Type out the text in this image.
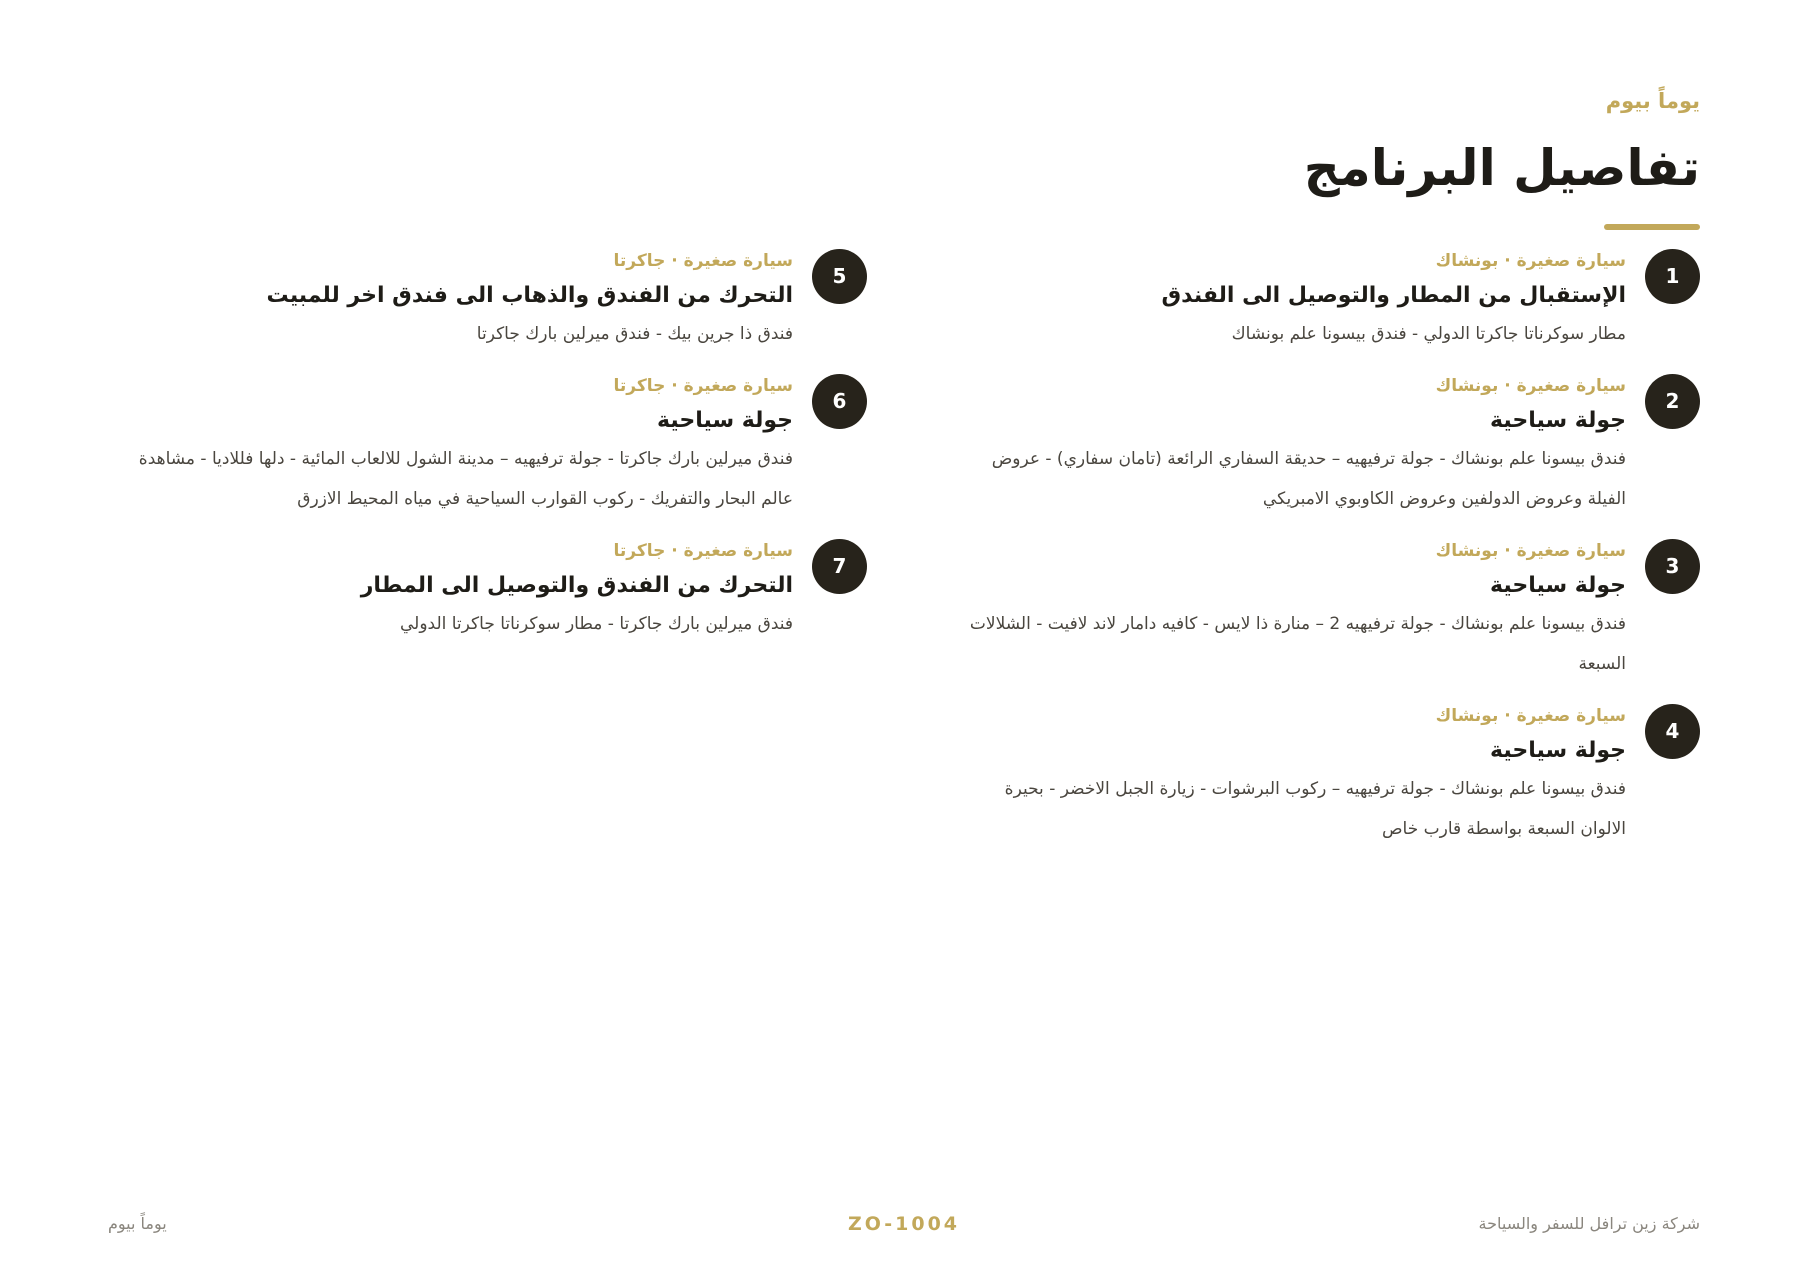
يوماً بيوم
تفاصيل البرنامج
1
سيارة صغيرة · بونشاك
الإستقبال من المطار والتوصيل الى الفندق
مطار سوكرناتا جاكرتا الدولي - فندق بيسونا علم بونشاك
2
سيارة صغيرة · بونشاك
جولة سياحية
فندق بيسونا علم بونشاك - جولة ترفيهيه – حديقة السفاري الرائعة (تامان سفاري) - عروض الفيلة وعروض الدولفين وعروض الكاوبوي الامبريكي
3
سيارة صغيرة · بونشاك
جولة سياحية
فندق بيسونا علم بونشاك - جولة ترفيهيه 2 – منارة ذا لايس - كافيه دامار لاند لافيت - الشلالات السبعة
4
سيارة صغيرة · بونشاك
جولة سياحية
فندق بيسونا علم بونشاك - جولة ترفيهيه – ركوب البرشوات - زيارة الجبل الاخضر - بحيرة الالوان السبعة بواسطة قارب خاص
5
سيارة صغيرة · جاكرتا
التحرك من الفندق والذهاب الى فندق اخر للمبيت
فندق ذا جرين بيك - فندق ميرلين بارك جاكرتا
6
سيارة صغيرة · جاكرتا
جولة سياحية
فندق ميرلين بارك جاكرتا - جولة ترفيهيه – مدينة الشول للالعاب المائية - دلها فللاديا - مشاهدة عالم البحار والتفريك - ركوب القوارب السياحية في مياه المحيط الازرق
7
سيارة صغيرة · جاكرتا
التحرك من الفندق والتوصيل الى المطار
فندق ميرلين بارك جاكرتا - مطار سوكرناتا جاكرتا الدولي
شركة زين ترافل للسفر والسياحة
ZO-1004
يوماً بيوم
